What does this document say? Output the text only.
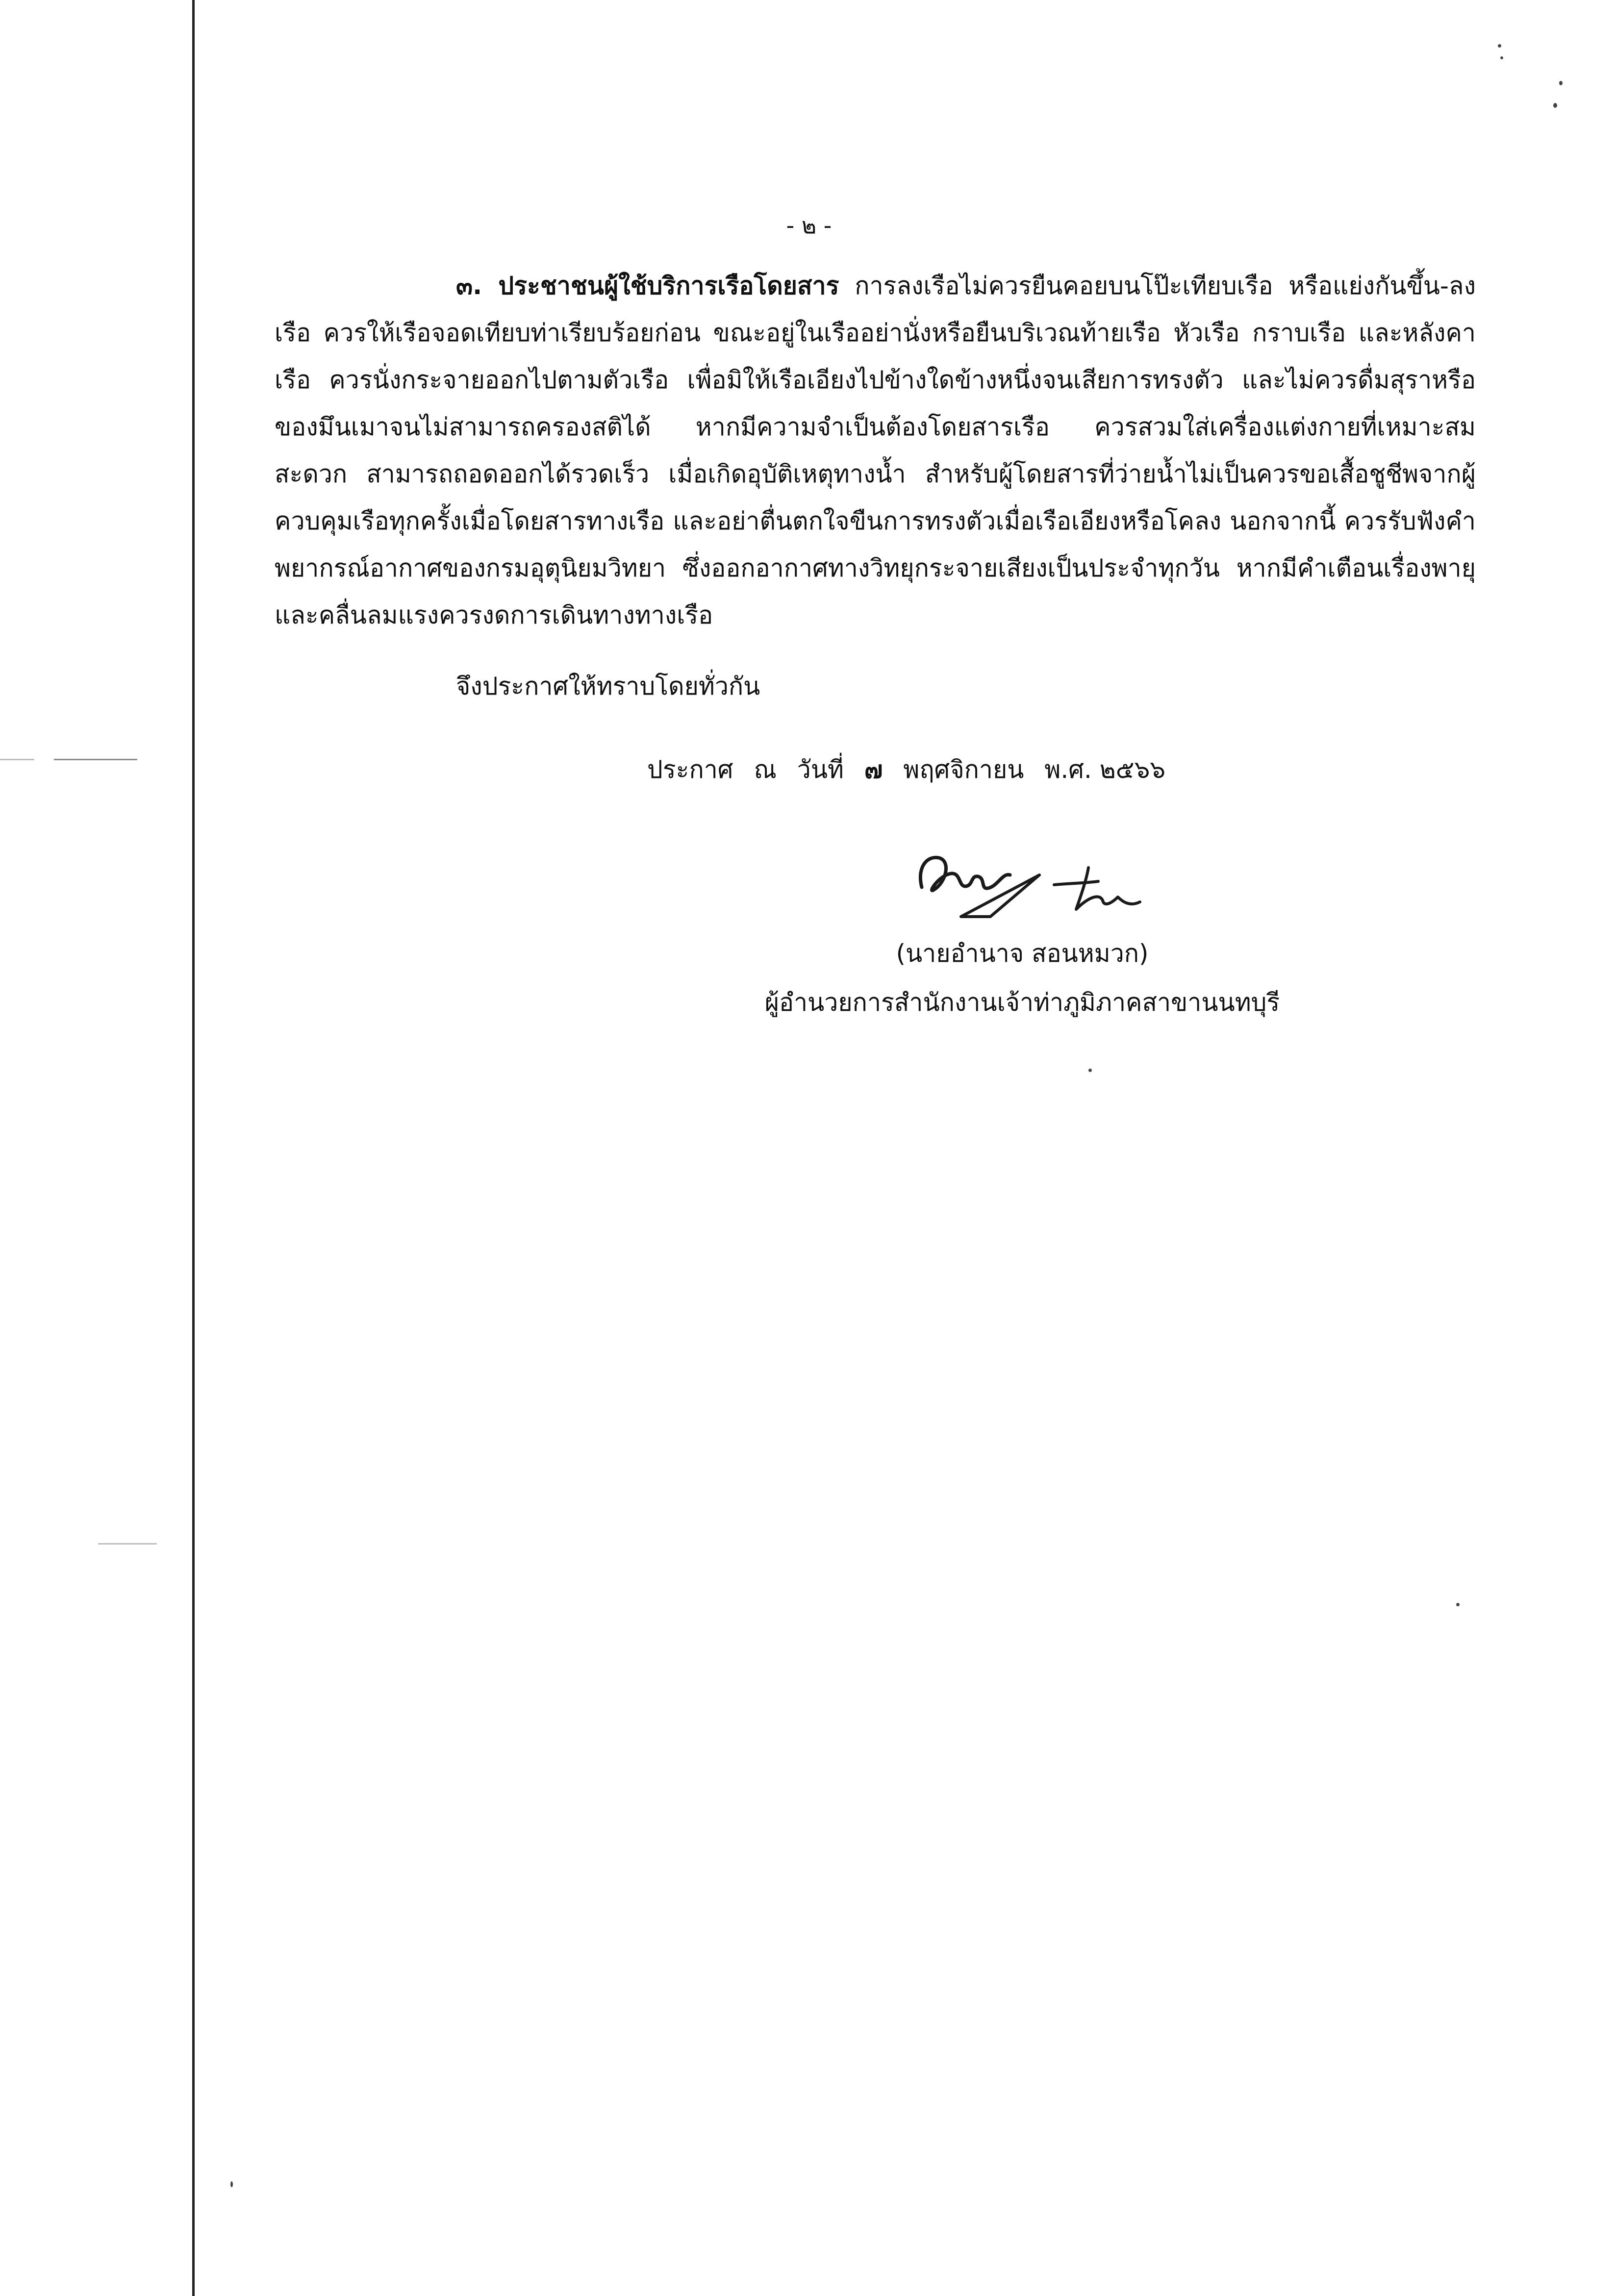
- ๒ -
๓. ประชาชนผู้ใช้บริการเรือโดยสาร การลงเรือไม่ควรยืนคอยบนโป๊ะเทียบเรือ หรือแย่งกันขึ้น-ลงเรือ ควรให้เรือจอดเทียบท่าเรียบร้อยก่อน ขณะอยู่ในเรืออย่านั่งหรือยืนบริเวณท้ายเรือ หัวเรือ กราบเรือ และหลังคาเรือ ควรนั่งกระจายออกไปตามตัวเรือ เพื่อมิให้เรือเอียงไปข้างใดข้างหนึ่งจนเสียการทรงตัว และไม่ควรดื่มสุราหรือของมึนเมาจนไม่สามารถครองสติได้ หากมีความจำเป็นต้องโดยสารเรือ ควรสวมใส่เครื่องแต่งกายที่เหมาะสม สะดวก สามารถถอดออกได้รวดเร็ว เมื่อเกิดอุบัติเหตุทางน้ำ สำหรับผู้โดยสารที่ว่ายน้ำไม่เป็นควรขอเสื้อชูชีพจากผู้ควบคุมเรือทุกครั้งเมื่อโดยสารทางเรือ และอย่าตื่นตกใจขืนการทรงตัวเมื่อเรือเอียงหรือโคลง นอกจากนี้ ควรรับฟังคำพยากรณ์อากาศของกรมอุตุนิยมวิทยา ซึ่งออกอากาศทางวิทยุกระจายเสียงเป็นประจำทุกวัน หากมีคำเตือนเรื่องพายุและคลื่นลมแรงควรงดการเดินทางทางเรือ
จึงประกาศให้ทราบโดยทั่วกัน
ประกาศ ณ วันที่ ๗ พฤศจิกายน พ.ศ. ๒๕๖๖
(นายอำนาจ สอนหมวก)
ผู้อำนวยการสำนักงานเจ้าท่าภูมิภาคสาขานนทบุรี
